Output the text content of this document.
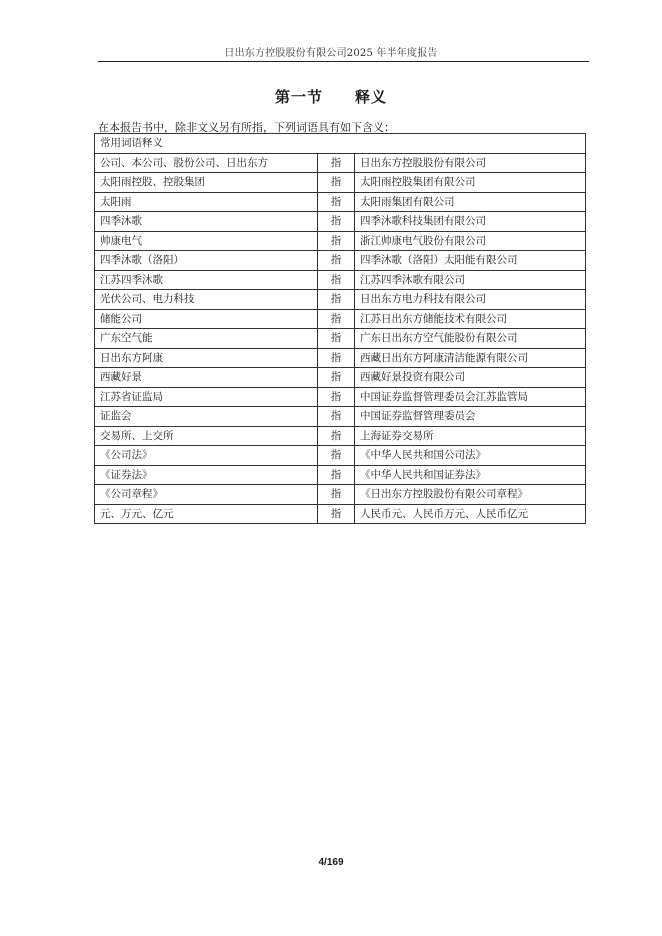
日出东方控股股份有限公司2025 年半年度报告
第一节　　释义
在本报告书中，除非文义另有所指，下列词语具有如下含义：
常用词语释义		
公司、本公司、股份公司、日出东方	指	日出东方控股股份有限公司
太阳雨控股、控股集团	指	太阳雨控股集团有限公司
太阳雨	指	太阳雨集团有限公司
四季沐歌	指	四季沐歌科技集团有限公司
帅康电气	指	浙江帅康电气股份有限公司
四季沐歌（洛阳）	指	四季沐歌（洛阳）太阳能有限公司
江苏四季沐歌	指	江苏四季沐歌有限公司
光伏公司、电力科技	指	日出东方电力科技有限公司
储能公司	指	江苏日出东方储能技术有限公司
广东空气能	指	广东日出东方空气能股份有限公司
日出东方阿康	指	西藏日出东方阿康清洁能源有限公司
西藏好景	指	西藏好景投资有限公司
江苏省证监局	指	中国证券监督管理委员会江苏监管局
证监会	指	中国证券监督管理委员会
交易所、上交所	指	上海证券交易所
《公司法》	指	《中华人民共和国公司法》
《证券法》	指	《中华人民共和国证券法》
《公司章程》	指	《日出东方控股股份有限公司章程》
元、万元、亿元	指	人民币元、人民币万元、人民币亿元
4/169
